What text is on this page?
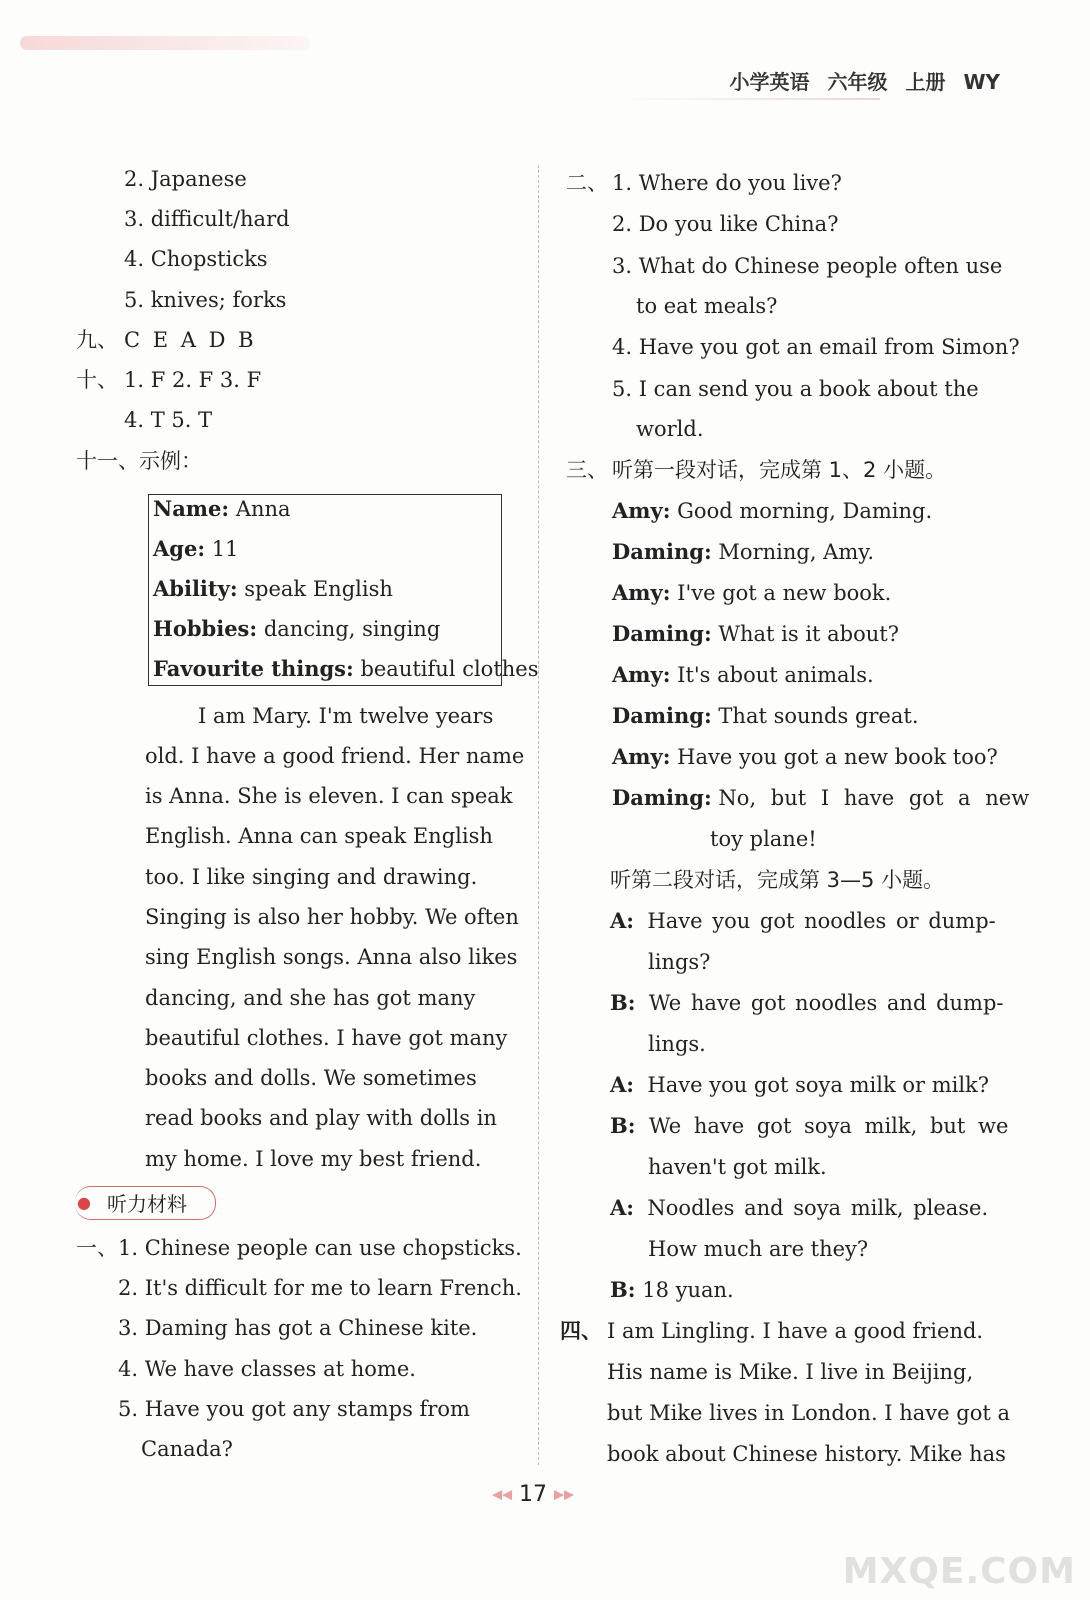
小学英语 六年级 上册 WY
2. Japanese
3. difficult/hard
4. Chopsticks
5. knives; forks
九、 C E A D B
十、 1. F 2. F 3. F
4. T 5. T
十一、示例：
Name: Anna
Age: 11
Ability: speak English
Hobbies: dancing, singing
Favourite things: beautiful clothes
I am Mary. I'm twelve years
old. I have a good friend. Her name
is Anna. She is eleven. I can speak
English. Anna can speak English
too. I like singing and drawing.
Singing is also her hobby. We often
sing English songs. Anna also likes
dancing, and she has got many
beautiful clothes. I have got many
books and dolls. We sometimes
read books and play with dolls in
my home. I love my best friend.
● 听力材料
一、 1. Chinese people can use chopsticks.
2. It's difficult for me to learn French.
3. Daming has got a Chinese kite.
4. We have classes at home.
5. Have you got any stamps from
Canada?
二、 1. Where do you live?
2. Do you like China?
3. What do Chinese people often use
to eat meals?
4. Have you got an email from Simon?
5. I can send you a book about the
world.
三、 听第一段对话，完成第 1、2 小题。
Amy: Good morning, Daming.
Daming: Morning, Amy.
Amy: I've got a new book.
Daming: What is it about?
Amy: It's about animals.
Daming: That sounds great.
Amy: Have you got a new book too?
Daming: No, but I have got a new
toy plane!
听第二段对话，完成第 3—5 小题。
A: Have you got noodles or dump-
lings?
B: We have got noodles and dump-
lings.
A: Have you got soya milk or milk?
B: We have got soya milk, but we
haven't got milk.
A: Noodles and soya milk, please.
How much are they?
B: 18 yuan.
四、 I am Lingling. I have a good friend.
His name is Mike. I live in Beijing,
but Mike lives in London. I have got a
book about Chinese history. Mike has
◀◀ 17 ▶▶
MXQE.COM
